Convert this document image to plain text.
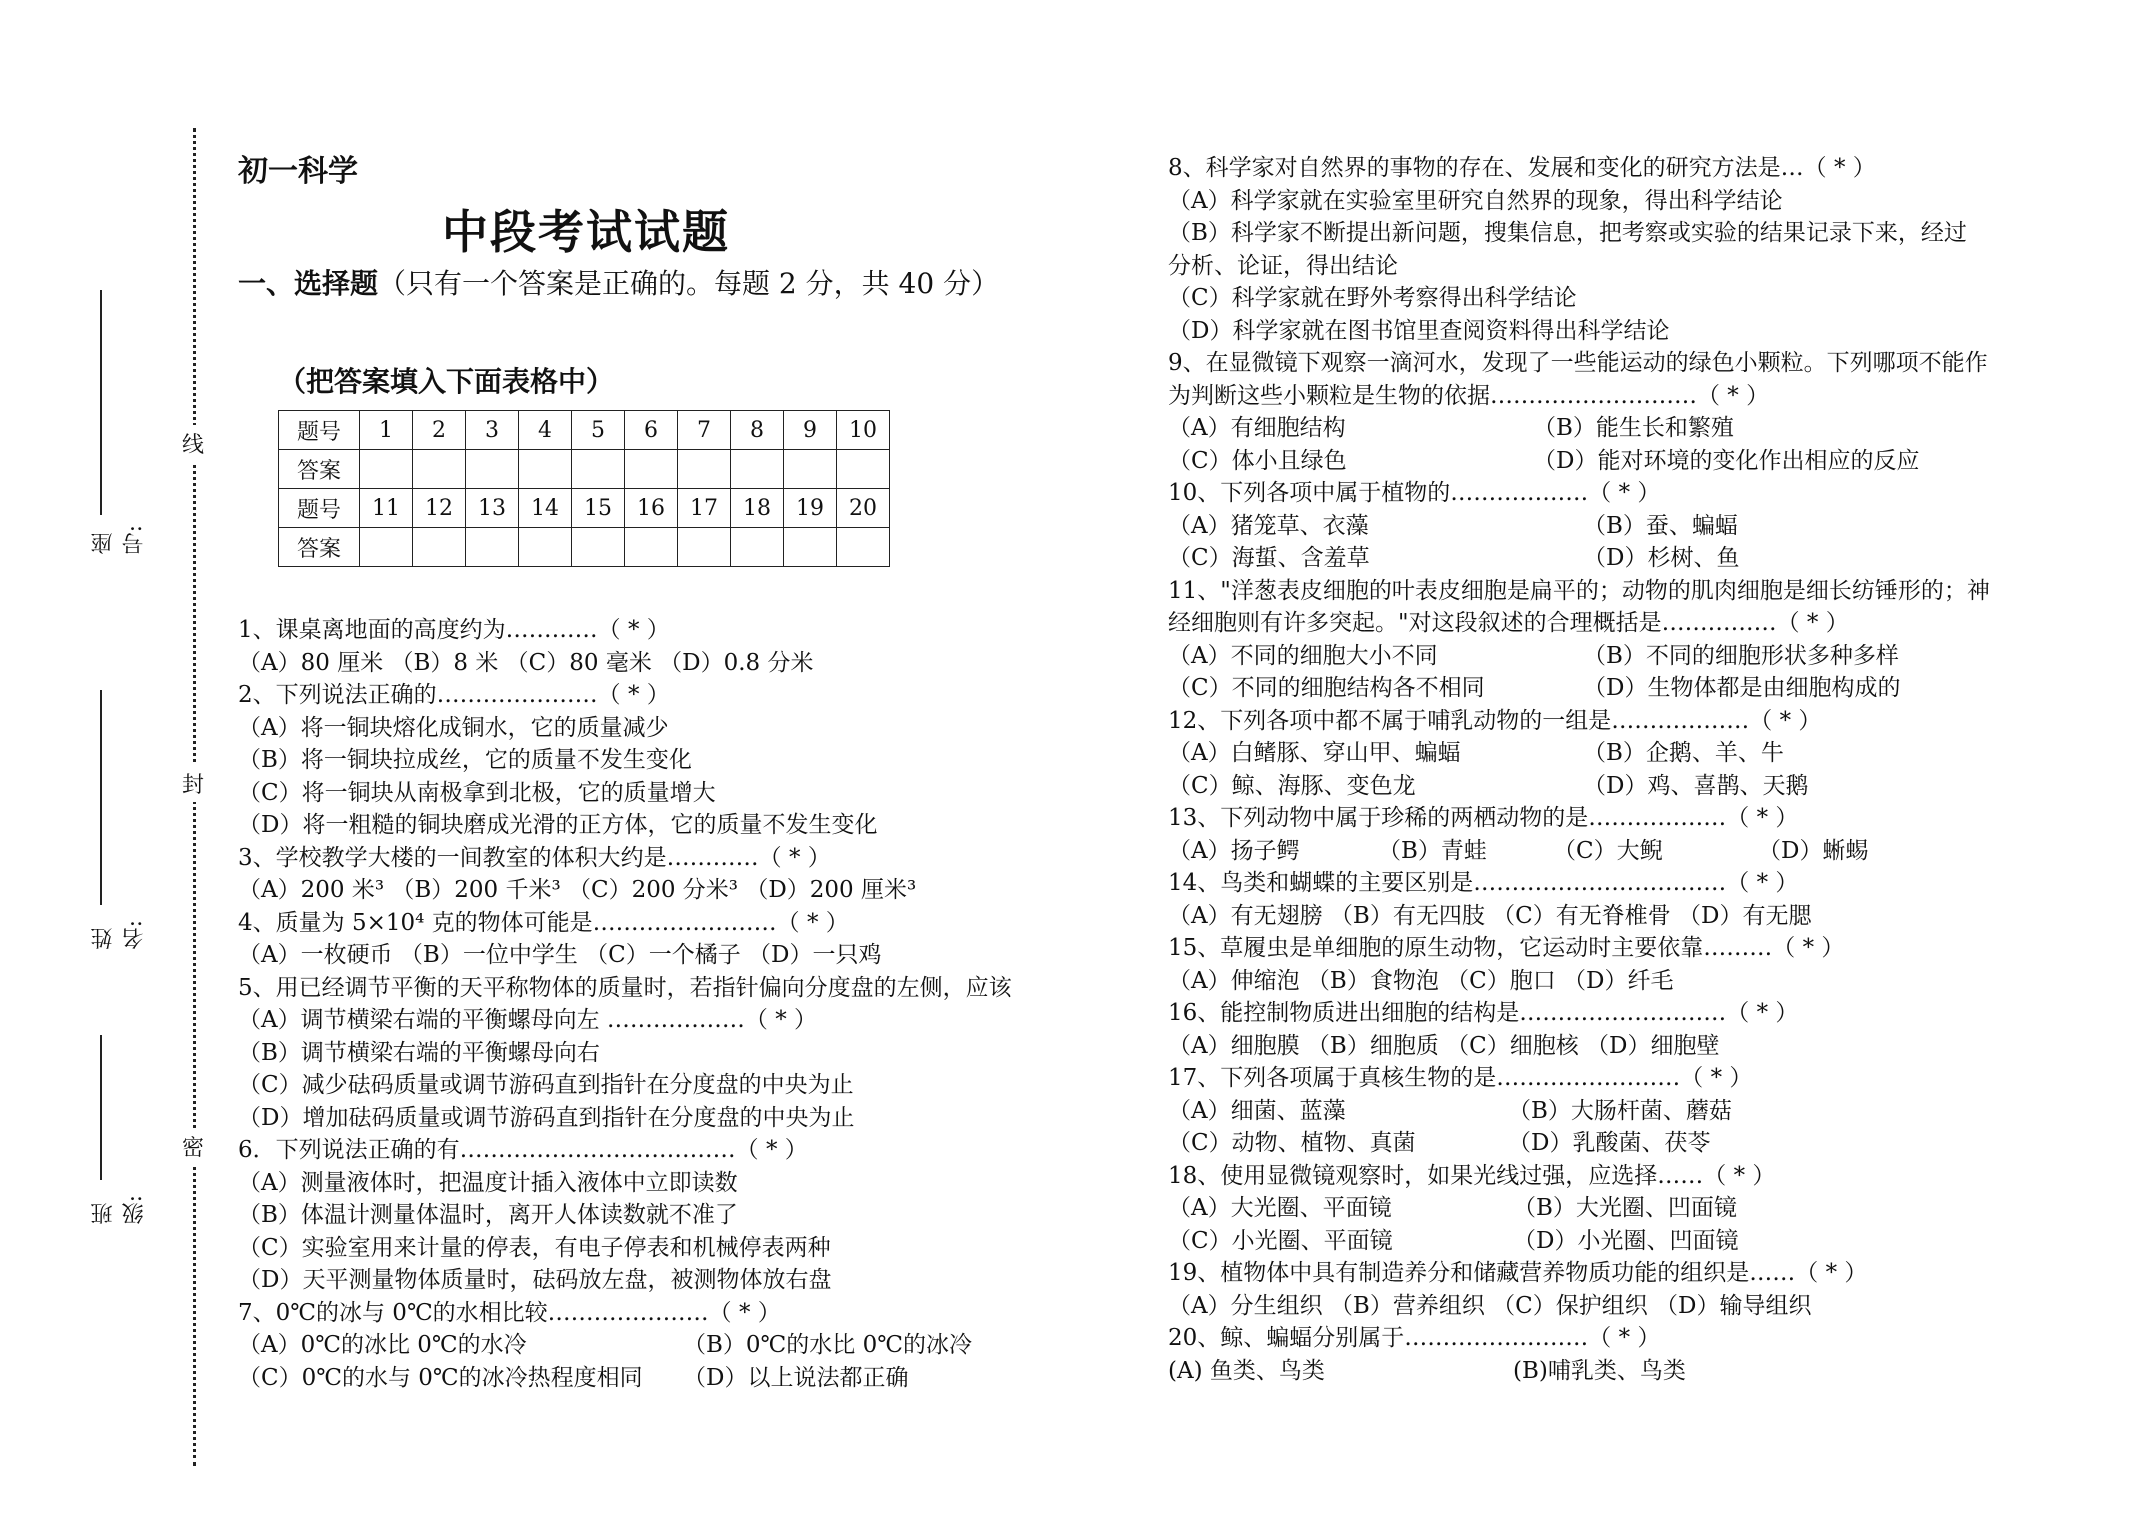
线
封
密
座号:
姓名:
班级:
初一科学
中段考试试题
一、选择题（只有一个答案是正确的。每题 2 分，共 40 分）
（把答案填入下面表格中）
题号	1	2	3	4	5	6	7	8	9	10
答案										
题号	11	12	13	14	15	16	17	18	19	20
答案										
1、课桌离地面的高度约为…………（ * ）
（A）80 厘米 （B）8 米 （C）80 毫米 （D）0.8 分米
2、下列说法正确的…………………（ * ）
（A）将一铜块熔化成铜水，它的质量减少
（B）将一铜块拉成丝，它的质量不发生变化
（C）将一铜块从南极拿到北极，它的质量增大
（D）将一粗糙的铜块磨成光滑的正方体，它的质量不发生变化
3、学校教学大楼的一间教室的体积大约是…………（ * ）
（A）200 米³ （B）200 千米³ （C）200 分米³ （D）200 厘米³
4、质量为 5×10⁴ 克的物体可能是……………………（ * ）
（A）一枚硬币 （B）一位中学生 （C）一个橘子 （D）一只鸡
5、用已经调节平衡的天平称物体的质量时，若指针偏向分度盘的左侧，应该
（A）调节横梁右端的平衡螺母向左 ………………（ * ）
（B）调节横梁右端的平衡螺母向右
（C）减少砝码质量或调节游码直到指针在分度盘的中央为止
（D）增加砝码质量或调节游码直到指针在分度盘的中央为止
6．下列说法正确的有………………………………（ * ）
（A）测量液体时，把温度计插入液体中立即读数
（B）体温计测量体温时，离开人体读数就不准了
（C）实验室用来计量的停表，有电子停表和机械停表两种
（D）天平测量物体质量时，砝码放左盘，被测物体放右盘
7、0℃的冰与 0℃的水相比较…………………（ * ）
（A）0℃的冰比 0℃的水冷	（B）0℃的水比 0℃的冰冷
（C）0℃的水与 0℃的冰冷热程度相同 （D）以上说法都正确
8、科学家对自然界的事物的存在、发展和变化的研究方法是…（ * ）
（A）科学家就在实验室里研究自然界的现象，得出科学结论
（B）科学家不断提出新问题，搜集信息，把考察或实验的结果记录下来，经过
分析、论证，得出结论
（C）科学家就在野外考察得出科学结论
（D）科学家就在图书馆里查阅资料得出科学结论
9、在显微镜下观察一滴河水，发现了一些能运动的绿色小颗粒。下列哪项不能作
为判断这些小颗粒是生物的依据………………………（ * ）
（A）有细胞结构	（B）能生长和繁殖
（C）体小且绿色	（D）能对环境的变化作出相应的反应
10、下列各项中属于植物的………………（ * ）
（A）猪笼草、衣藻	（B）蚕、蝙蝠
（C）海蜇、含羞草	（D）杉树、鱼
11、"洋葱表皮细胞的叶表皮细胞是扁平的；动物的肌肉细胞是细长纺锤形的；神
经细胞则有许多突起。"对这段叙述的合理概括是……………（ * ）
（A）不同的细胞大小不同	（B）不同的细胞形状多种多样
（C）不同的细胞结构各不相同	（D）生物体都是由细胞构成的
12、下列各项中都不属于哺乳动物的一组是………………（ * ）
（A）白鳍豚、穿山甲、蝙蝠	（B）企鹅、羊、牛
（C）鲸、海豚、变色龙	（D）鸡、喜鹊、天鹅
13、下列动物中属于珍稀的两栖动物的是………………（ * ）
（A）扬子鳄	（B）青蛙	（C）大鲵	（D）蜥蜴
14、鸟类和蝴蝶的主要区别是……………………………（ * ）
（A）有无翅膀 （B）有无四肢 （C）有无脊椎骨 （D）有无腮
15、草履虫是单细胞的原生动物，它运动时主要依靠………（ * ）
（A）伸缩泡 （B）食物泡 （C）胞口 （D）纤毛
16、能控制物质进出细胞的结构是………………………（ * ）
（A）细胞膜 （B）细胞质 （C）细胞核 （D）细胞壁
17、下列各项属于真核生物的是……………………（ * ）
（A）细菌、蓝藻	（B）大肠杆菌、蘑菇
（C）动物、植物、真菌	（D）乳酸菌、茯苓
18、使用显微镜观察时，如果光线过强，应选择……（ * ）
（A）大光圈、平面镜	（B）大光圈、凹面镜
（C）小光圈、平面镜	（D）小光圈、凹面镜
19、植物体中具有制造养分和储藏营养物质功能的组织是……（ * ）
（A）分生组织 （B）营养组织 （C）保护组织 （D）输导组织
20、鲸、蝙蝠分别属于……………………（ * ）
(A) 鱼类、鸟类	(B)哺乳类、鸟类
